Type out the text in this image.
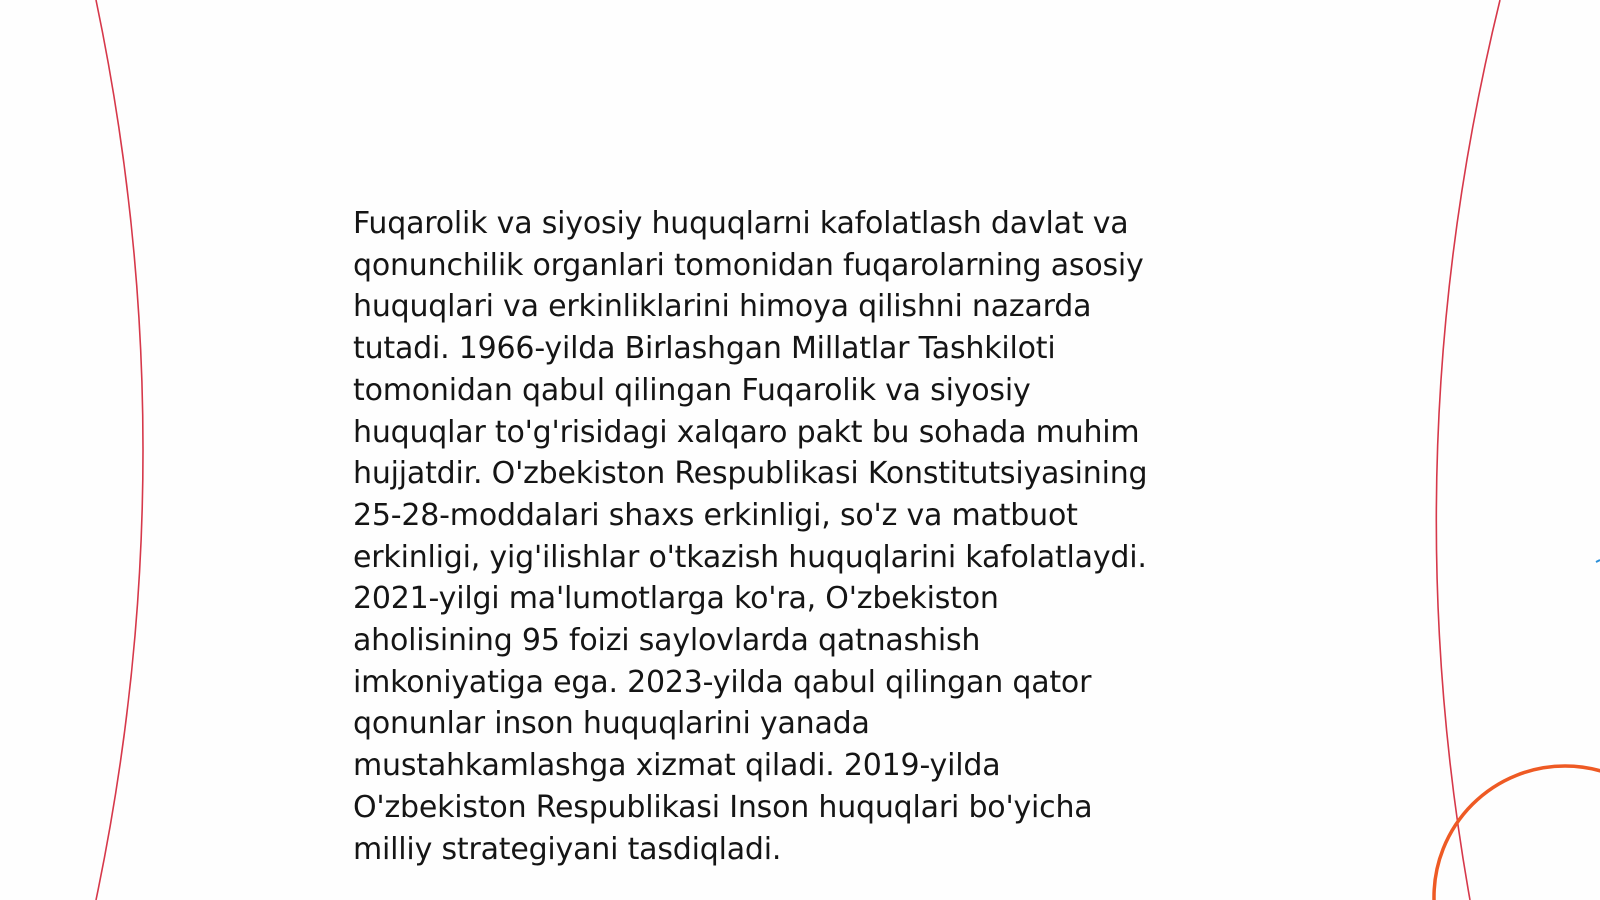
Fuqarolik va siyosiy huquqlarni kafolatlash davlat va
qonunchilik organlari tomonidan fuqarolarning asosiy
huquqlari va erkinliklarini himoya qilishni nazarda
tutadi. 1966-yilda Birlashgan Millatlar Tashkiloti
tomonidan qabul qilingan Fuqarolik va siyosiy
huquqlar to'g'risidagi xalqaro pakt bu sohada muhim
hujjatdir. O'zbekiston Respublikasi Konstitutsiyasining
25-28-moddalari shaxs erkinligi, so'z va matbuot
erkinligi, yig'ilishlar o'tkazish huquqlarini kafolatlaydi.
2021-yilgi ma'lumotlarga ko'ra, O'zbekiston
aholisining 95 foizi saylovlarda qatnashish
imkoniyatiga ega. 2023-yilda qabul qilingan qator
qonunlar inson huquqlarini yanada
mustahkamlashga xizmat qiladi. 2019-yilda
O'zbekiston Respublikasi Inson huquqlari bo'yicha
milliy strategiyani tasdiqladi.
